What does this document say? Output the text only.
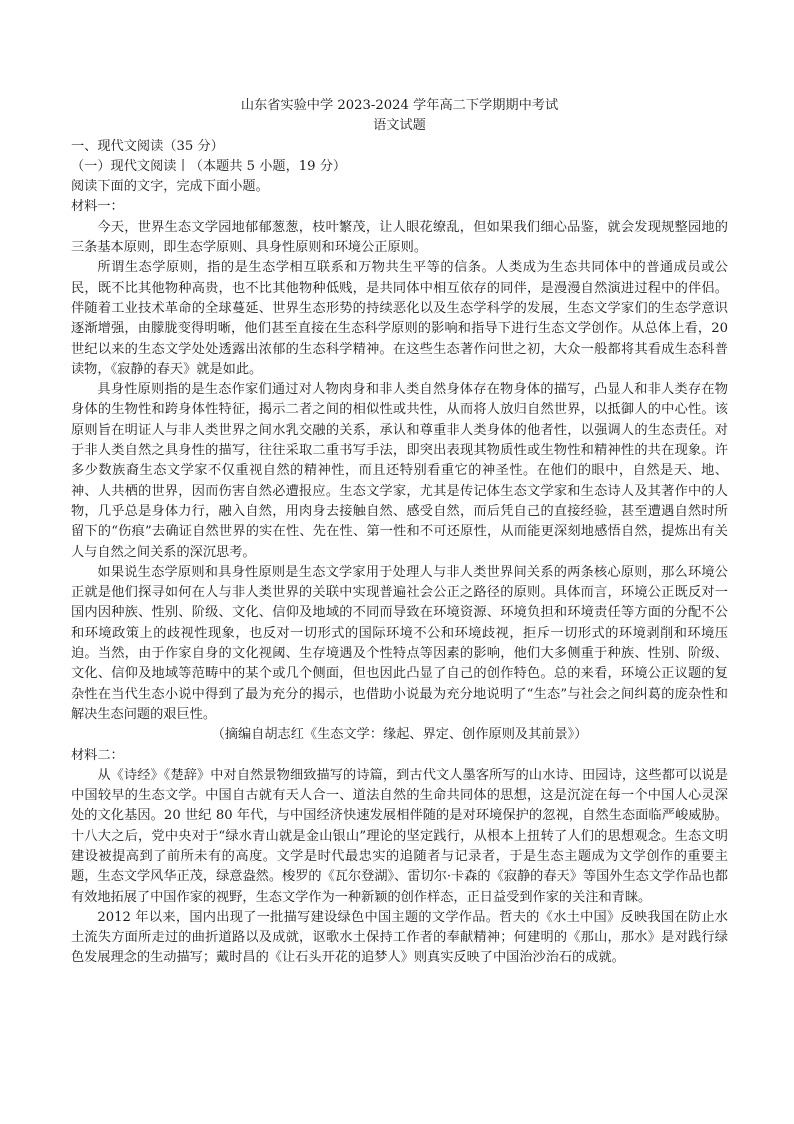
山东省实验中学 2023-2024 学年高二下学期期中考试

语文试题

一、现代文阅读（35 分）

（一）现代文阅读丨（本题共 5 小题，19 分）

阅读下面的文字，完成下面小题。

材料一：

今天，世界生态文学园地郁郁葱葱，枝叶繁茂，让人眼花缭乱，但如果我们细心品鉴，就会发现规整园地的三条基本原则，即生态学原则、具身性原则和环境公正原则。

所谓生态学原则，指的是生态学相互联系和万物共生平等的信条。人类成为生态共同体中的普通成员或公民，既不比其他物种高贵，也不比其他物种低贱，是共同体中相互依存的同伴，是漫漫自然演进过程中的伴侣。伴随着工业技术革命的全球蔓延、世界生态形势的持续恶化以及生态学科学的发展，生态文学家们的生态学意识逐渐增强，由朦胧变得明晰，他们甚至直接在生态科学原则的影响和指导下进行生态文学创作。从总体上看，20 世纪以来的生态文学处处透露出浓郁的生态科学精神。在这些生态著作问世之初，大众一般都将其看成生态科普读物，《寂静的春天》就是如此。

具身性原则指的是生态作家们通过对人物肉身和非人类自然身体存在物身体的描写，凸显人和非人类存在物身体的生物性和跨身体性特征，揭示二者之间的相似性或共性，从而将人放归自然世界，以抵御人的中心性。该原则旨在明证人与非人类世界之间水乳交融的关系，承认和尊重非人类身体的他者性，以强调人的生态责任。对于非人类自然之具身性的描写，往往采取二重书写手法，即突出表现其物质性或生物性和精神性的共在现象。许多少数族裔生态文学家不仅重视自然的精神性，而且还特别看重它的神圣性。在他们的眼中，自然是天、地、神、人共栖的世界，因而伤害自然必遭报应。生态文学家，尤其是传记体生态文学家和生态诗人及其著作中的人物，几乎总是身体力行，融入自然，用肉身去接触自然、感受自然，而后凭自己的直接经验，甚至遭遇自然时所留下的“伤痕”去确证自然世界的实在性、先在性、第一性和不可还原性，从而能更深刻地感悟自然，提炼出有关人与自然之间关系的深沉思考。

如果说生态学原则和具身性原则是生态文学家用于处理人与非人类世界间关系的两条核心原则，那么环境公正就是他们探寻如何在人与非人类世界的关联中实现普遍社会公正之路径的原则。具体而言，环境公正既反对一国内因种族、性别、阶级、文化、信仰及地域的不同而导致在环境资源、环境负担和环境责任等方面的分配不公和环境政策上的歧视性现象，也反对一切形式的国际环境不公和环境歧视，拒斥一切形式的环境剥削和环境压迫。当然，由于作家自身的文化视阈、生存境遇及个性特点等因素的影响，他们大多侧重于种族、性别、阶级、文化、信仰及地域等范畴中的某个或几个侧面，但也因此凸显了自己的创作特色。总的来看，环境公正议题的复杂性在当代生态小说中得到了最为充分的揭示，也借助小说最为充分地说明了“生态”与社会之间纠葛的庞杂性和解决生态问题的艰巨性。

（摘编自胡志红《生态文学：缘起、界定、创作原则及其前景》）

材料二：

从《诗经》《楚辞》中对自然景物细致描写的诗篇，到古代文人墨客所写的山水诗、田园诗，这些都可以说是中国较早的生态文学。中国自古就有天人合一、道法自然的生命共同体的思想，这是沉淀在每一个中国人心灵深处的文化基因。20 世纪 80 年代，与中国经济快速发展相伴随的是对环境保护的忽视，自然生态面临严峻威胁。十八大之后，党中央对于“绿水青山就是金山银山”理论的坚定践行，从根本上扭转了人们的思想观念。生态文明建设被提高到了前所未有的高度。文学是时代最忠实的追随者与记录者，于是生态主题成为文学创作的重要主题，生态文学风华正茂，绿意盎然。梭罗的《瓦尔登湖》、雷切尔·卡森的《寂静的春天》等国外生态文学作品也都有效地拓展了中国作家的视野，生态文学作为一种新颖的创作样态，正日益受到作家的关注和青睐。

2012 年以来，国内出现了一批描写建设绿色中国主题的文学作品。哲夫的《水土中国》反映我国在防止水土流失方面所走过的曲折道路以及成就，讴歌水土保持工作者的奉献精神；何建明的《那山，那水》是对践行绿色发展理念的生动描写；戴时昌的《让石头开花的追梦人》则真实反映了中国治沙治石的成就。
